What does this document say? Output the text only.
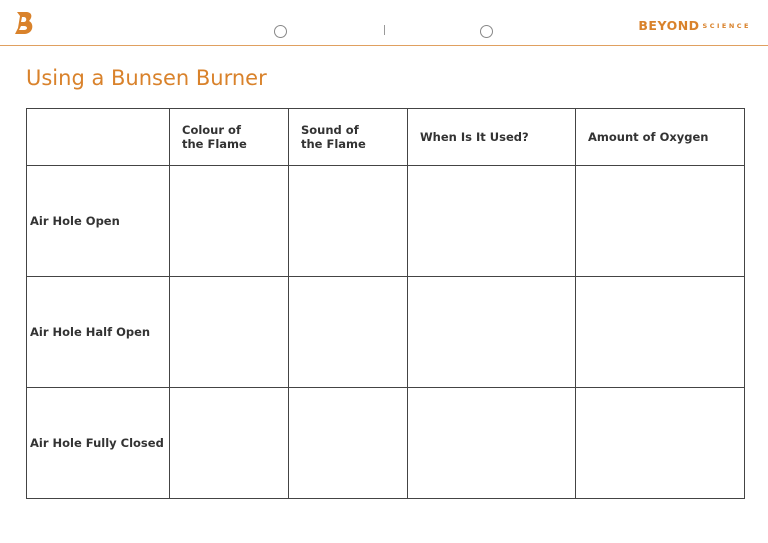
BEYOND SCIENCE
Using a Bunsen Burner

	Colour of the Flame	Sound of the Flame	When Is It Used?	Amount of Oxygen
Air Hole Open				
Air Hole Half Open				
Air Hole Fully Closed				
